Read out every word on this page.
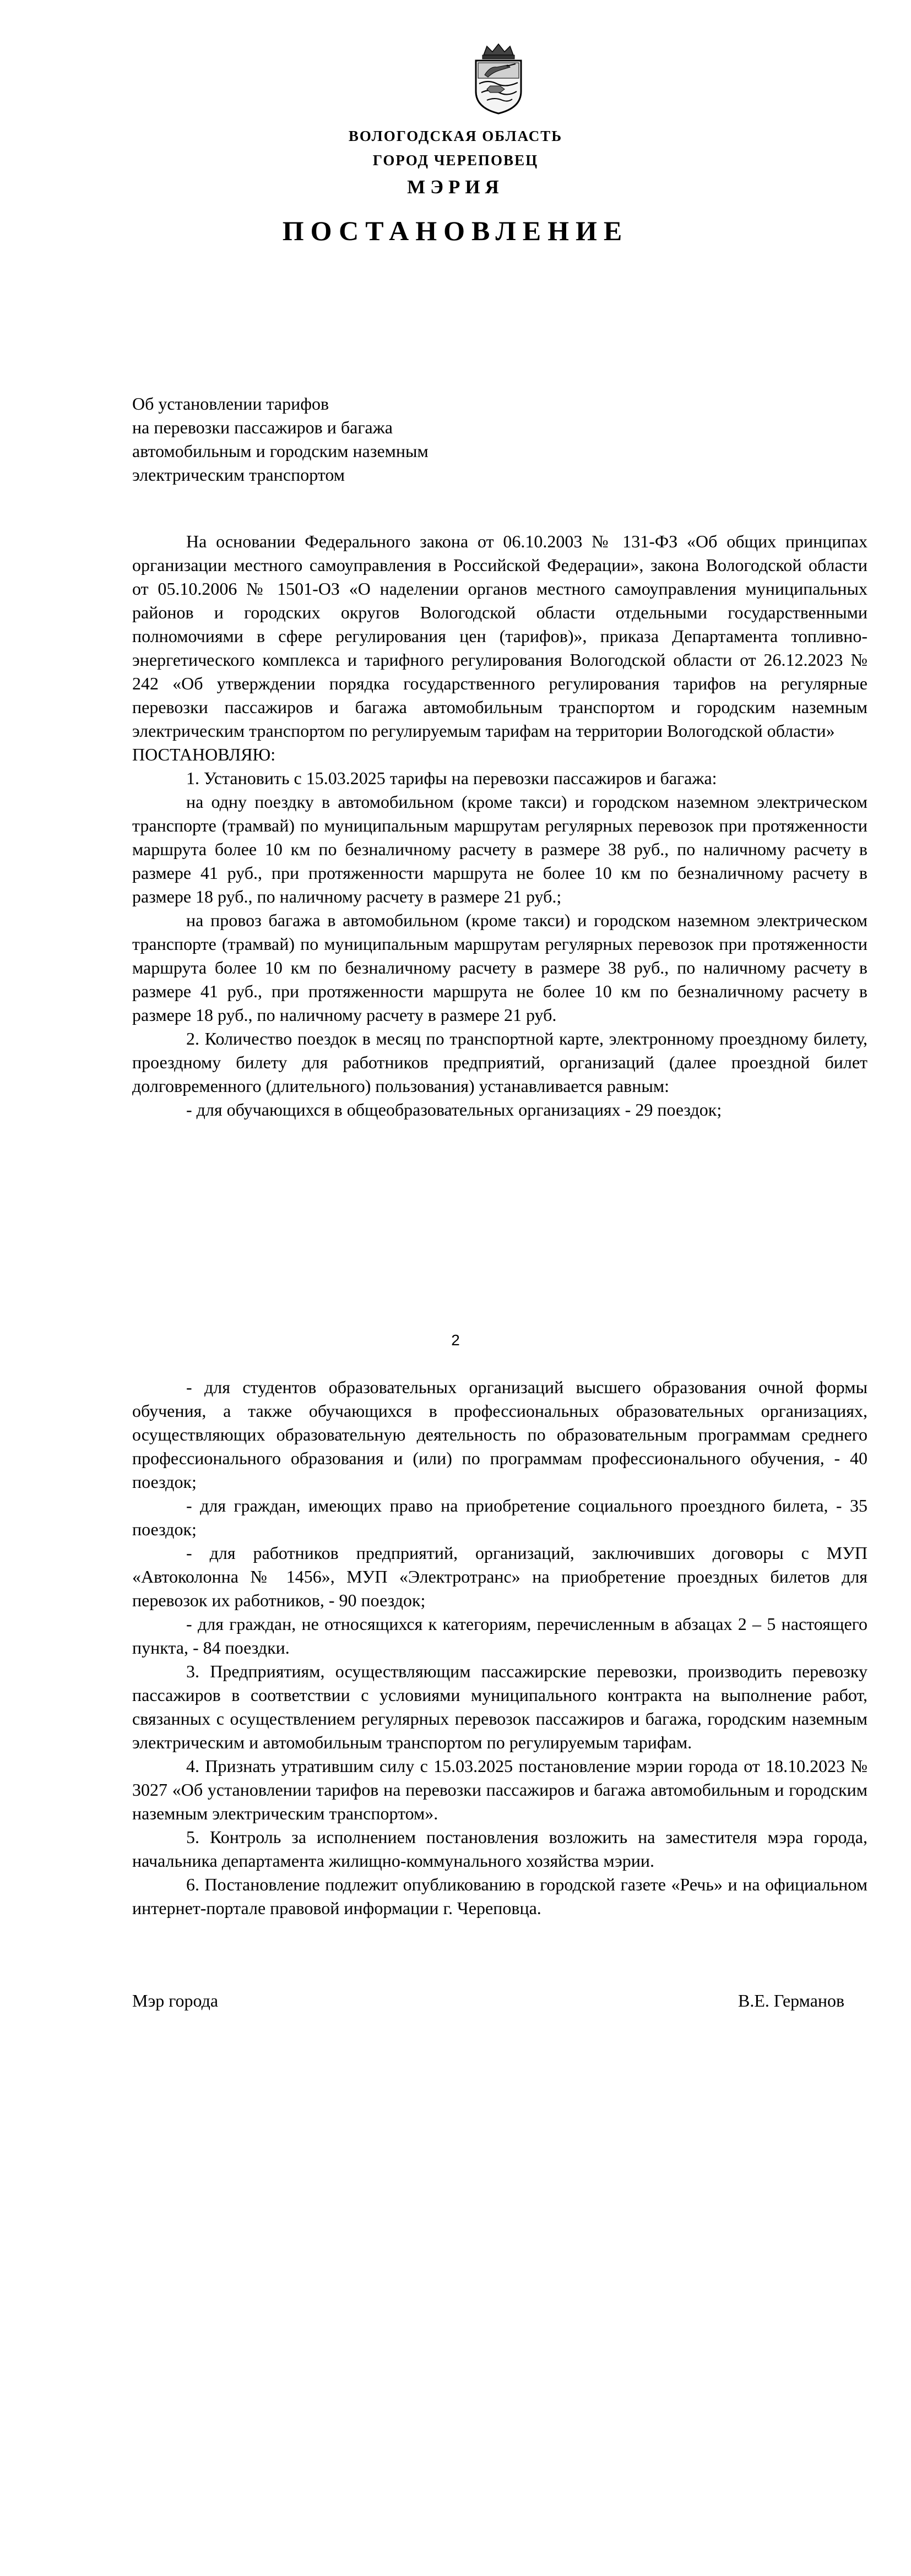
ВОЛОГОДСКАЯ ОБЛАСТЬ
ГОРОД ЧЕРЕПОВЕЦ
МЭРИЯ
ПОСТАНОВЛЕНИЕ
Об установлении тарифов
на перевозки пассажиров и багажа
автомобильным и городским наземным
электрическим транспортом

На основании Федерального закона от 06.10.2003 № 131-ФЗ «Об общих принципах организации местного самоуправления в Российской Федерации», закона Вологодской области от 05.10.2006 № 1501-ОЗ «О наделении органов местного самоуправления муниципальных районов и городских округов Вологодской области отдельными государственными полномочиями в сфере регулирования цен (тарифов)», приказа Департамента топливно-энергетического комплекса и тарифного регулирования Вологодской области от 26.12.2023 № 242 «Об утверждении порядка государственного регулирования тарифов на регулярные перевозки пассажиров и багажа автомобильным транспортом и городским наземным электрическим транспортом по регулируемым тарифам на территории Вологодской области»

ПОСТАНОВЛЯЮ:

1. Установить с 15.03.2025 тарифы на перевозки пассажиров и багажа:

на одну поездку в автомобильном (кроме такси) и городском наземном электрическом транспорте (трамвай) по муниципальным маршрутам регулярных перевозок при протяженности маршрута более 10 км по безналичному расчету в размере 38 руб., по наличному расчету в размере 41 руб., при протяженности маршрута не более 10 км по безналичному расчету в размере 18 руб., по наличному расчету в размере 21 руб.;

на провоз багажа в автомобильном (кроме такси) и городском наземном электрическом транспорте (трамвай) по муниципальным маршрутам регулярных перевозок при протяженности маршрута более 10 км по безналичному расчету в размере 38 руб., по наличному расчету в размере 41 руб., при протяженности маршрута не более 10 км по безналичному расчету в размере 18 руб., по наличному расчету в размере 21 руб.

2. Количество поездок в месяц по транспортной карте, электронному проездному билету, проездному билету для работников предприятий, организаций (далее проездной билет долговременного (длительного) пользования) устанавливается равным:

- для обучающихся в общеобразовательных организациях - 29 поездок;

2

- для студентов образовательных организаций высшего образования очной формы обучения, а также обучающихся в профессиональных образовательных организациях, осуществляющих образовательную деятельность по образовательным программам среднего профессионального образования и (или) по программам профессионального обучения, - 40 поездок;

- для граждан, имеющих право на приобретение социального проездного билета, - 35 поездок;

- для работников предприятий, организаций, заключивших договоры с МУП «Автоколонна № 1456», МУП «Электротранс» на приобретение проездных билетов для перевозок их работников, - 90 поездок;

- для граждан, не относящихся к категориям, перечисленным в абзацах 2 – 5 настоящего пункта, - 84 поездки.

3. Предприятиям, осуществляющим пассажирские перевозки, производить перевозку пассажиров в соответствии с условиями муниципального контракта на выполнение работ, связанных с осуществлением регулярных перевозок пассажиров и багажа, городским наземным электрическим и автомобильным транспортом по регулируемым тарифам.

4. Признать утратившим силу с 15.03.2025 постановление мэрии города от 18.10.2023 № 3027 «Об установлении тарифов на перевозки пассажиров и багажа автомобильным и городским наземным электрическим транспортом».

5. Контроль за исполнением постановления возложить на заместителя мэра города, начальника департамента жилищно-коммунального хозяйства мэрии.

6. Постановление подлежит опубликованию в городской газете «Речь» и на официальном интернет-портале правовой информации г. Череповца.

Мэр города	В.Е. Германов
